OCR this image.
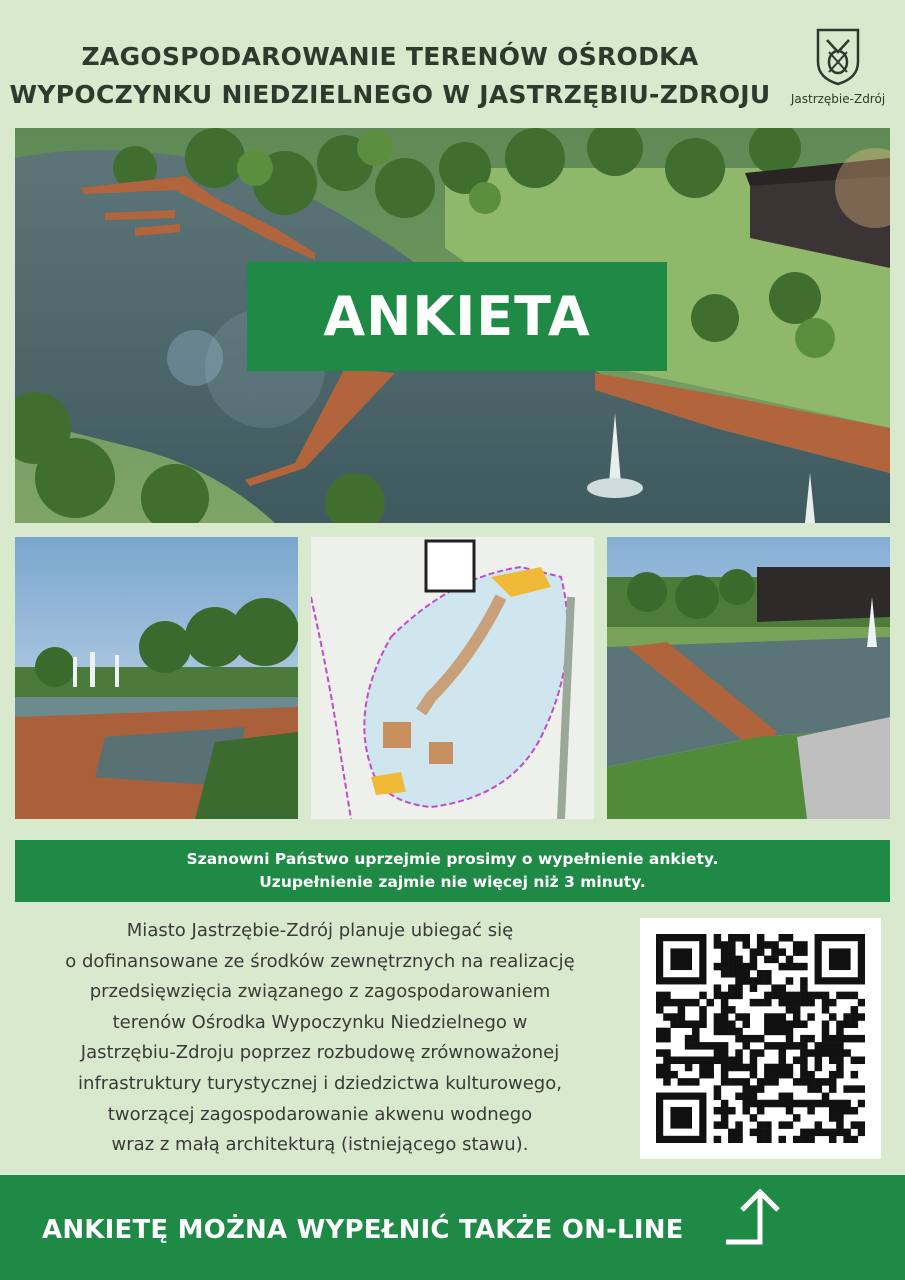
ZAGOSPODAROWANIE TERENÓW OŚRODKA
WYPOCZYNKU NIEDZIELNEGO W JASTRZĘBIU-ZDROJU	Jastrzębie-Zdrój
ANKIETA
Szanowni Państwo uprzejmie prosimy o wypełnienie ankiety.
Uzupełnienie zajmie nie więcej niż 3 minuty.
Miasto Jastrzębie-Zdrój planuje ubiegać się
o dofinansowane ze środków zewnętrznych na realizację
przedsięwzięcia związanego z zagospodarowaniem
terenów Ośrodka Wypoczynku Niedzielnego w
Jastrzębiu-Zdroju poprzez rozbudowę zrównoważonej
infrastruktury turystycznej i dziedzictwa kulturowego,
tworzącej zagospodarowanie akwenu wodnego
wraz z małą architekturą (istniejącego stawu).
ANKIETĘ MOŻNA WYPEŁNIĆ TAKŻE ON-LINE
